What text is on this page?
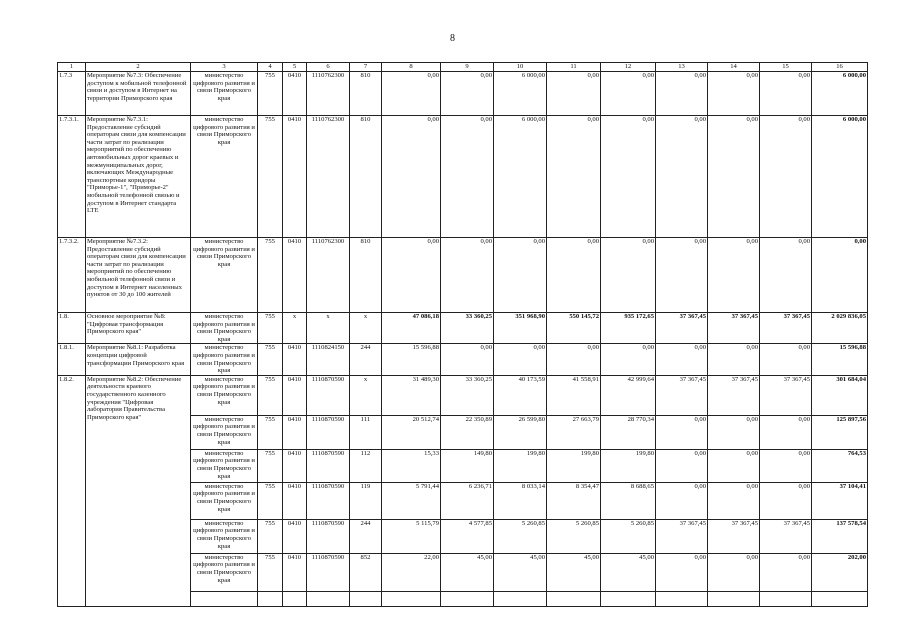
8
1	2	3	4	5	6	7	8	9	10	11	12	13	14	15	16
1.7.3	Мероприятие №7.3: Обеспечение доступом к мобильной телефонной связи и доступом в Интернет на территории Приморского края	министерство цифрового развития и связи Приморского края	755	0410	1110762300	810	0,00	0,00	6 000,00	0,00	0,00	0,00	0,00	0,00	6 000,00
1.7.3.1.	Мероприятие №7.3.1: Предоставление субсидий операторам связи для компенсации части затрат по реализации мероприятий по обеспечению автомобильных дорог краевых и межмуниципальных дорог, включающих Международные транспортные коридоры "Приморье-1", "Приморье-2" мобильной телефонной связью и доступом в Интернет стандарта LTE	министерство цифрового развития и связи Приморского края	755	0410	1110762300	810	0,00	0,00	6 000,00	0,00	0,00	0,00	0,00	0,00	6 000,00
1.7.3.2.	Мероприятие №7.3.2: Предоставление субсидий операторам связи для компенсации части затрат по реализации мероприятий по обеспечению мобильной телефонной связи и доступом в Интернет населенных пунктов от 30 до 100 жителей	министерство цифрового развития и связи Приморского края	755	0410	1110762300	810	0,00	0,00	0,00	0,00	0,00	0,00	0,00	0,00	0,00
1.8.	Основное мероприятие №8: "Цифровая трансформация Приморского края"	министерство цифрового развития и связи Приморского края	755	x	x	x	47 086,18	33 360,25	351 968,90	550 145,72	935 172,65	37 367,45	37 367,45	37 367,45	2 029 836,05
1.8.1.	Мероприятие №8.1: Разработка концепции цифровой трансформации Приморского края	министерство цифрового развития и связи Приморского края	755	0410	1110824150	244	15 596,88	0,00	0,00	0,00	0,00	0,00	0,00	0,00	15 596,88
1.8.2.	Мероприятие №8.2: Обеспечение деятельности краевого государственного казенного учреждения "Цифровая лаборатория Правительства Приморского края"	министерство цифрового развития и связи Приморского края	755	0410	1110870590	x	31 489,30	33 360,25	40 173,59	41 558,91	42 999,64	37 367,45	37 367,45	37 367,45	301 684,04
		министерство цифрового развития и связи Приморского края	755	0410	1110870590	111	20 512,74	22 350,89	26 599,80	27 663,79	28 770,34	0,00	0,00	0,00	125 897,56
		министерство цифрового развития и связи Приморского края	755	0410	1110870590	112	15,33	149,80	199,80	199,80	199,80	0,00	0,00	0,00	764,53
		министерство цифрового развития и связи Приморского края	755	0410	1110870590	119	5 791,44	6 236,71	8 033,14	8 354,47	8 688,65	0,00	0,00	0,00	37 104,41
		министерство цифрового развития и связи Приморского края	755	0410	1110870590	244	5 115,79	4 577,85	5 260,85	5 260,85	5 260,85	37 367,45	37 367,45	37 367,45	137 578,54
		министерство цифрового развития и связи Приморского края	755	0410	1110870590	852	22,00	45,00	45,00	45,00	45,00	0,00	0,00	0,00	202,00
